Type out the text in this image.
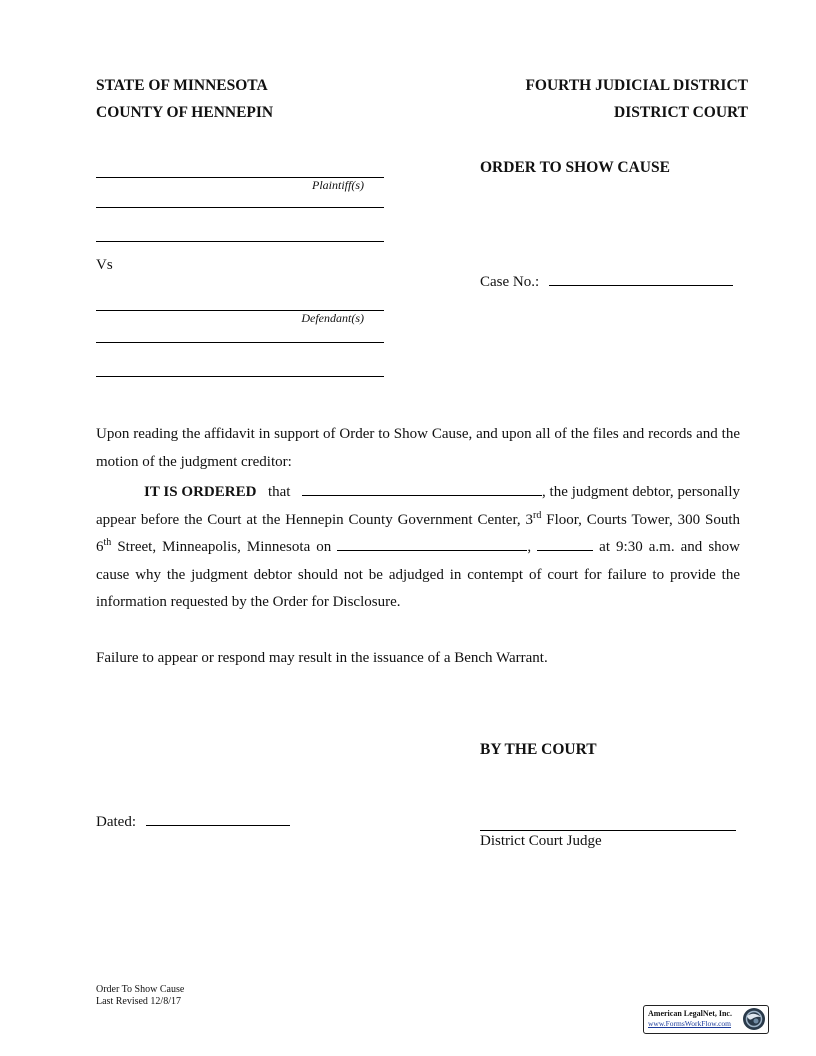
STATE OF MINNESOTA
COUNTY OF HENNEPIN
FOURTH JUDICIAL DISTRICT
DISTRICT COURT
Plaintiff(s)
Vs
Defendant(s)
ORDER TO SHOW CAUSE
Case No.:
Upon reading the affidavit in support of Order to Show Cause, and upon all of the files and records and the motion of the judgment creditor:
IT IS ORDERED that	, the judgment debtor, personally appear before the Court at the Hennepin County Government Center, 3rd Floor, Courts Tower, 300 South 6th Street, Minneapolis, Minnesota on	,	at 9:30 a.m. and show cause why the judgment debtor should not be adjudged in contempt of court for failure to provide the information requested by the Order for Disclosure.
Failure to appear or respond may result in the issuance of a Bench Warrant.
BY THE COURT
Dated:
District Court Judge
Order To Show Cause
Last Revised 12/8/17
American LegalNet, Inc.
www.FormsWorkFlow.com
